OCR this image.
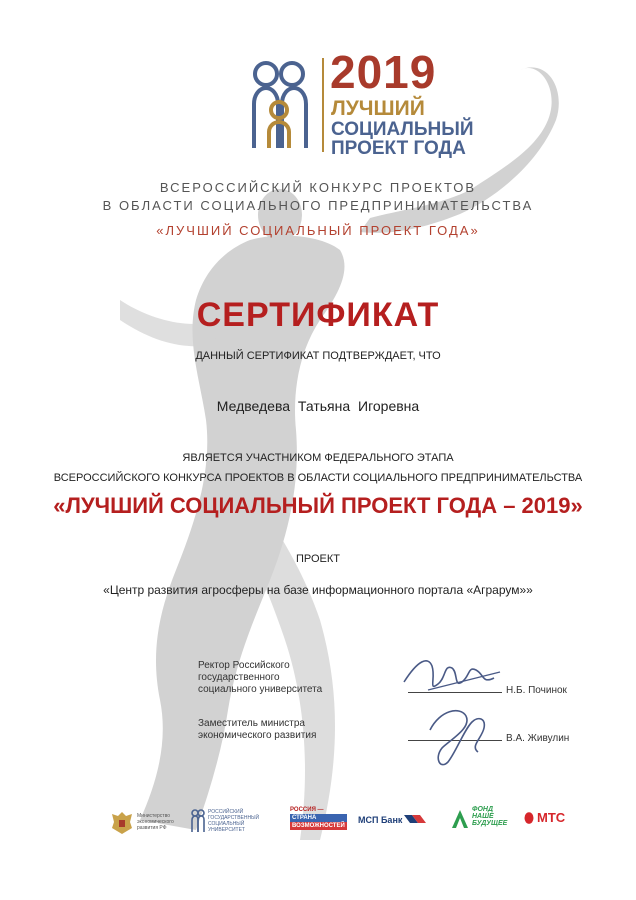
2019
ЛУЧШИЙ
СОЦИАЛЬНЫЙ
ПРОЕКТ ГОДА
ВСЕРОССИЙСКИЙ КОНКУРС ПРОЕКТОВ
В ОБЛАСТИ СОЦИАЛЬНОГО ПРЕДПРИНИМАТЕЛЬСТВА
«ЛУЧШИЙ СОЦИАЛЬНЫЙ ПРОЕКТ ГОДА»
СЕРТИФИКАТ
ДАННЫЙ СЕРТИФИКАТ ПОДТВЕРЖДАЕТ, ЧТО
Медведева Татьяна Игоревна
ЯВЛЯЕТСЯ УЧАСТНИКОМ ФЕДЕРАЛЬНОГО ЭТАПА
ВСЕРОССИЙСКОГО КОНКУРСА ПРОЕКТОВ В ОБЛАСТИ СОЦИАЛЬНОГО ПРЕДПРИНИМАТЕЛЬСТВА
«ЛУЧШИЙ СОЦИАЛЬНЫЙ ПРОЕКТ ГОДА – 2019»
ПРОЕКТ
«Центр развития агросферы на базе информационного портала «Аграрум»»
Ректор Российского
государственного
социального университета	Н.Б. Починок
Заместитель министра
экономического развития	В.А. Живулин
Министерство
экономического
развития РФ
РОССИЙСКИЙ
ГОСУДАРСТВЕННЫЙ
СОЦИАЛЬНЫЙ
УНИВЕРСИТЕТ
РОССИЯ —
СТРАНА
ВОЗМОЖНОСТЕЙ
МСП Банк
ФОНД
НАШЕ
БУДУЩЕЕ МТС
